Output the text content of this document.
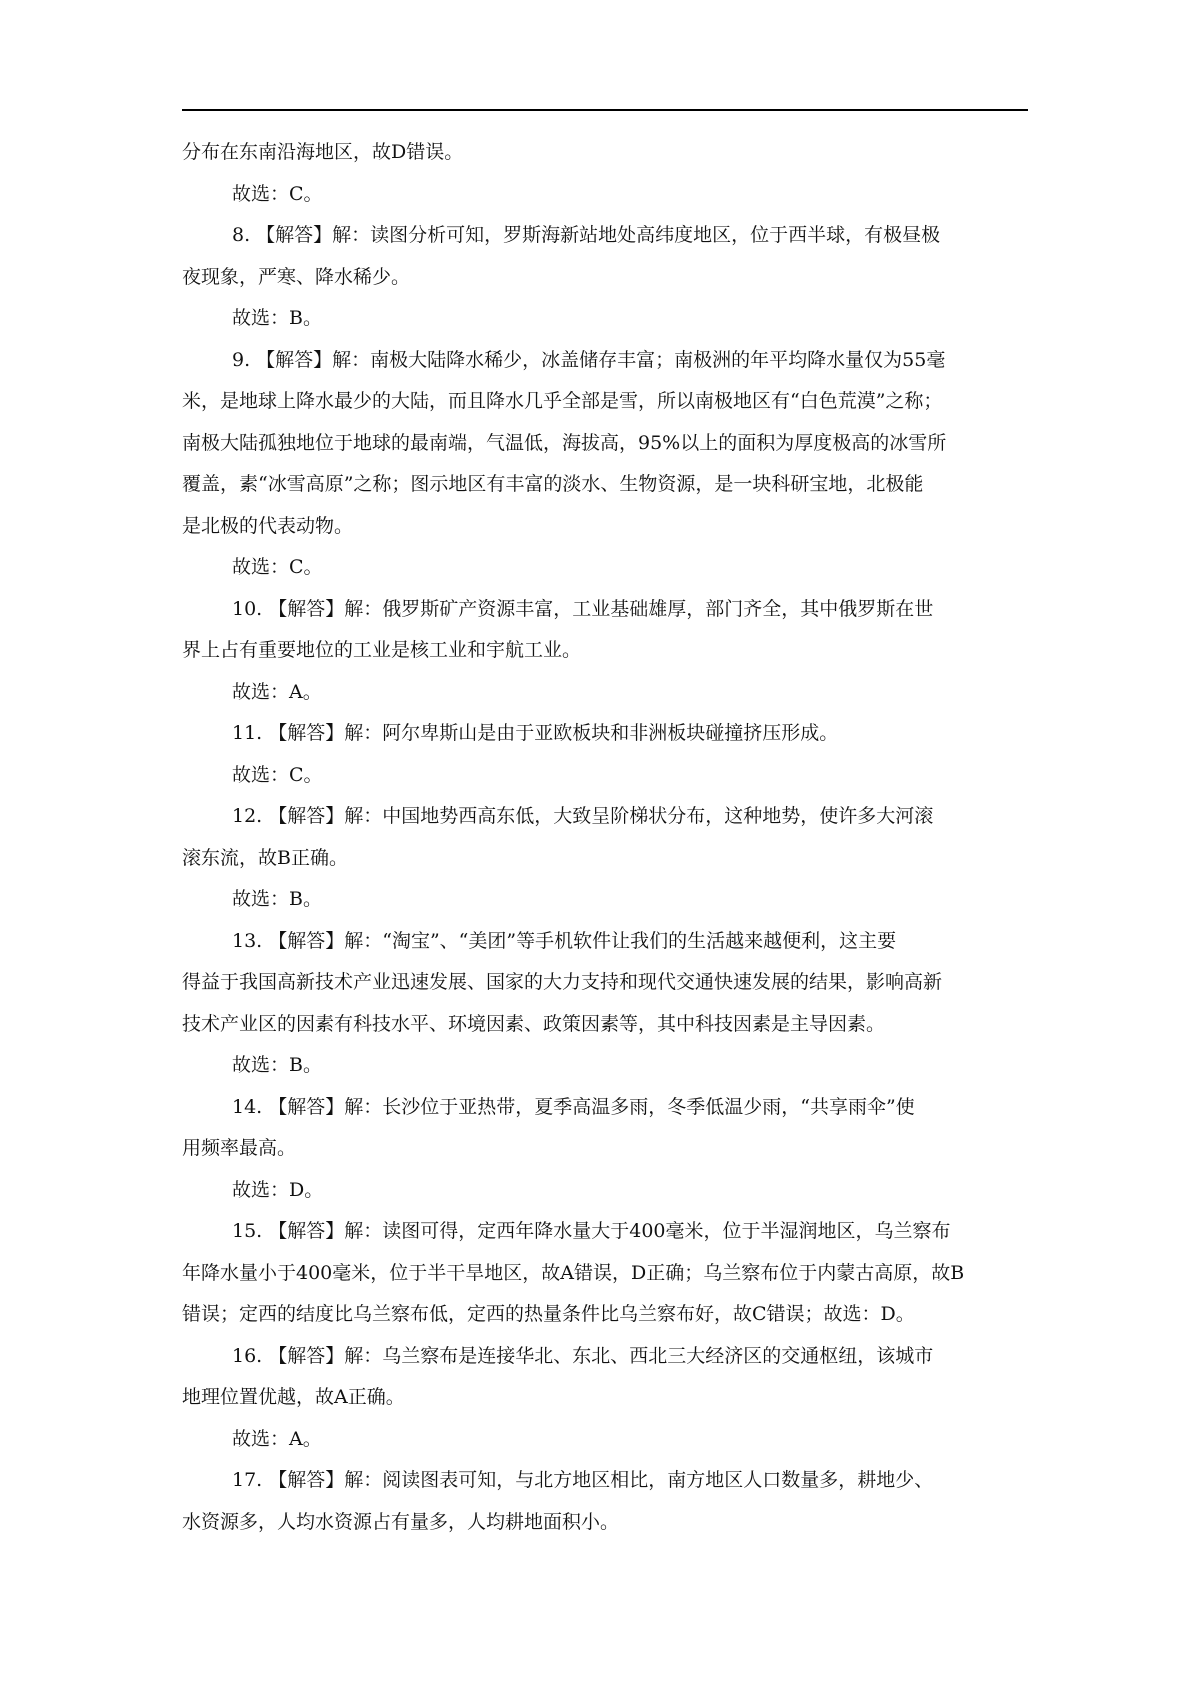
分布在东南沿海地区，故D错误。
故选：C。
8. 【解答】解：读图分析可知，罗斯海新站地处高纬度地区，位于西半球，有极昼极
夜现象，严寒、降水稀少。
故选：B。
9. 【解答】解：南极大陆降水稀少，冰盖储存丰富；南极洲的年平均降水量仅为55毫
米，是地球上降水最少的大陆，而且降水几乎全部是雪，所以南极地区有“白色荒漠”之称；
南极大陆孤独地位于地球的最南端，气温低，海拔高，95%以上的面积为厚度极高的冰雪所
覆盖，素“冰雪高原”之称；图示地区有丰富的淡水、生物资源，是一块科研宝地，北极能
是北极的代表动物。
故选：C。
10. 【解答】解：俄罗斯矿产资源丰富，工业基础雄厚，部门齐全，其中俄罗斯在世
界上占有重要地位的工业是核工业和宇航工业。
故选：A。
11. 【解答】解：阿尔卑斯山是由于亚欧板块和非洲板块碰撞挤压形成。
故选：C。
12. 【解答】解：中国地势西高东低，大致呈阶梯状分布，这种地势，使许多大河滚
滚东流，故B正确。
故选：B。
13. 【解答】解：“淘宝”、“美团”等手机软件让我们的生活越来越便利，这主要
得益于我国高新技术产业迅速发展、国家的大力支持和现代交通快速发展的结果，影响高新
技术产业区的因素有科技水平、环境因素、政策因素等，其中科技因素是主导因素。
故选：B。
14. 【解答】解：长沙位于亚热带，夏季高温多雨，冬季低温少雨，“共享雨伞”使
用频率最高。
故选：D。
15. 【解答】解：读图可得，定西年降水量大于400毫米，位于半湿润地区，乌兰察布
年降水量小于400毫米，位于半干旱地区，故A错误，D正确；乌兰察布位于内蒙古高原，故B
错误；定西的结度比乌兰察布低，定西的热量条件比乌兰察布好，故C错误；故选：D。
16. 【解答】解：乌兰察布是连接华北、东北、西北三大经济区的交通枢纽，该城市
地理位置优越，故A正确。
故选：A。
17. 【解答】解：阅读图表可知，与北方地区相比，南方地区人口数量多，耕地少、
水资源多，人均水资源占有量多，人均耕地面积小。
